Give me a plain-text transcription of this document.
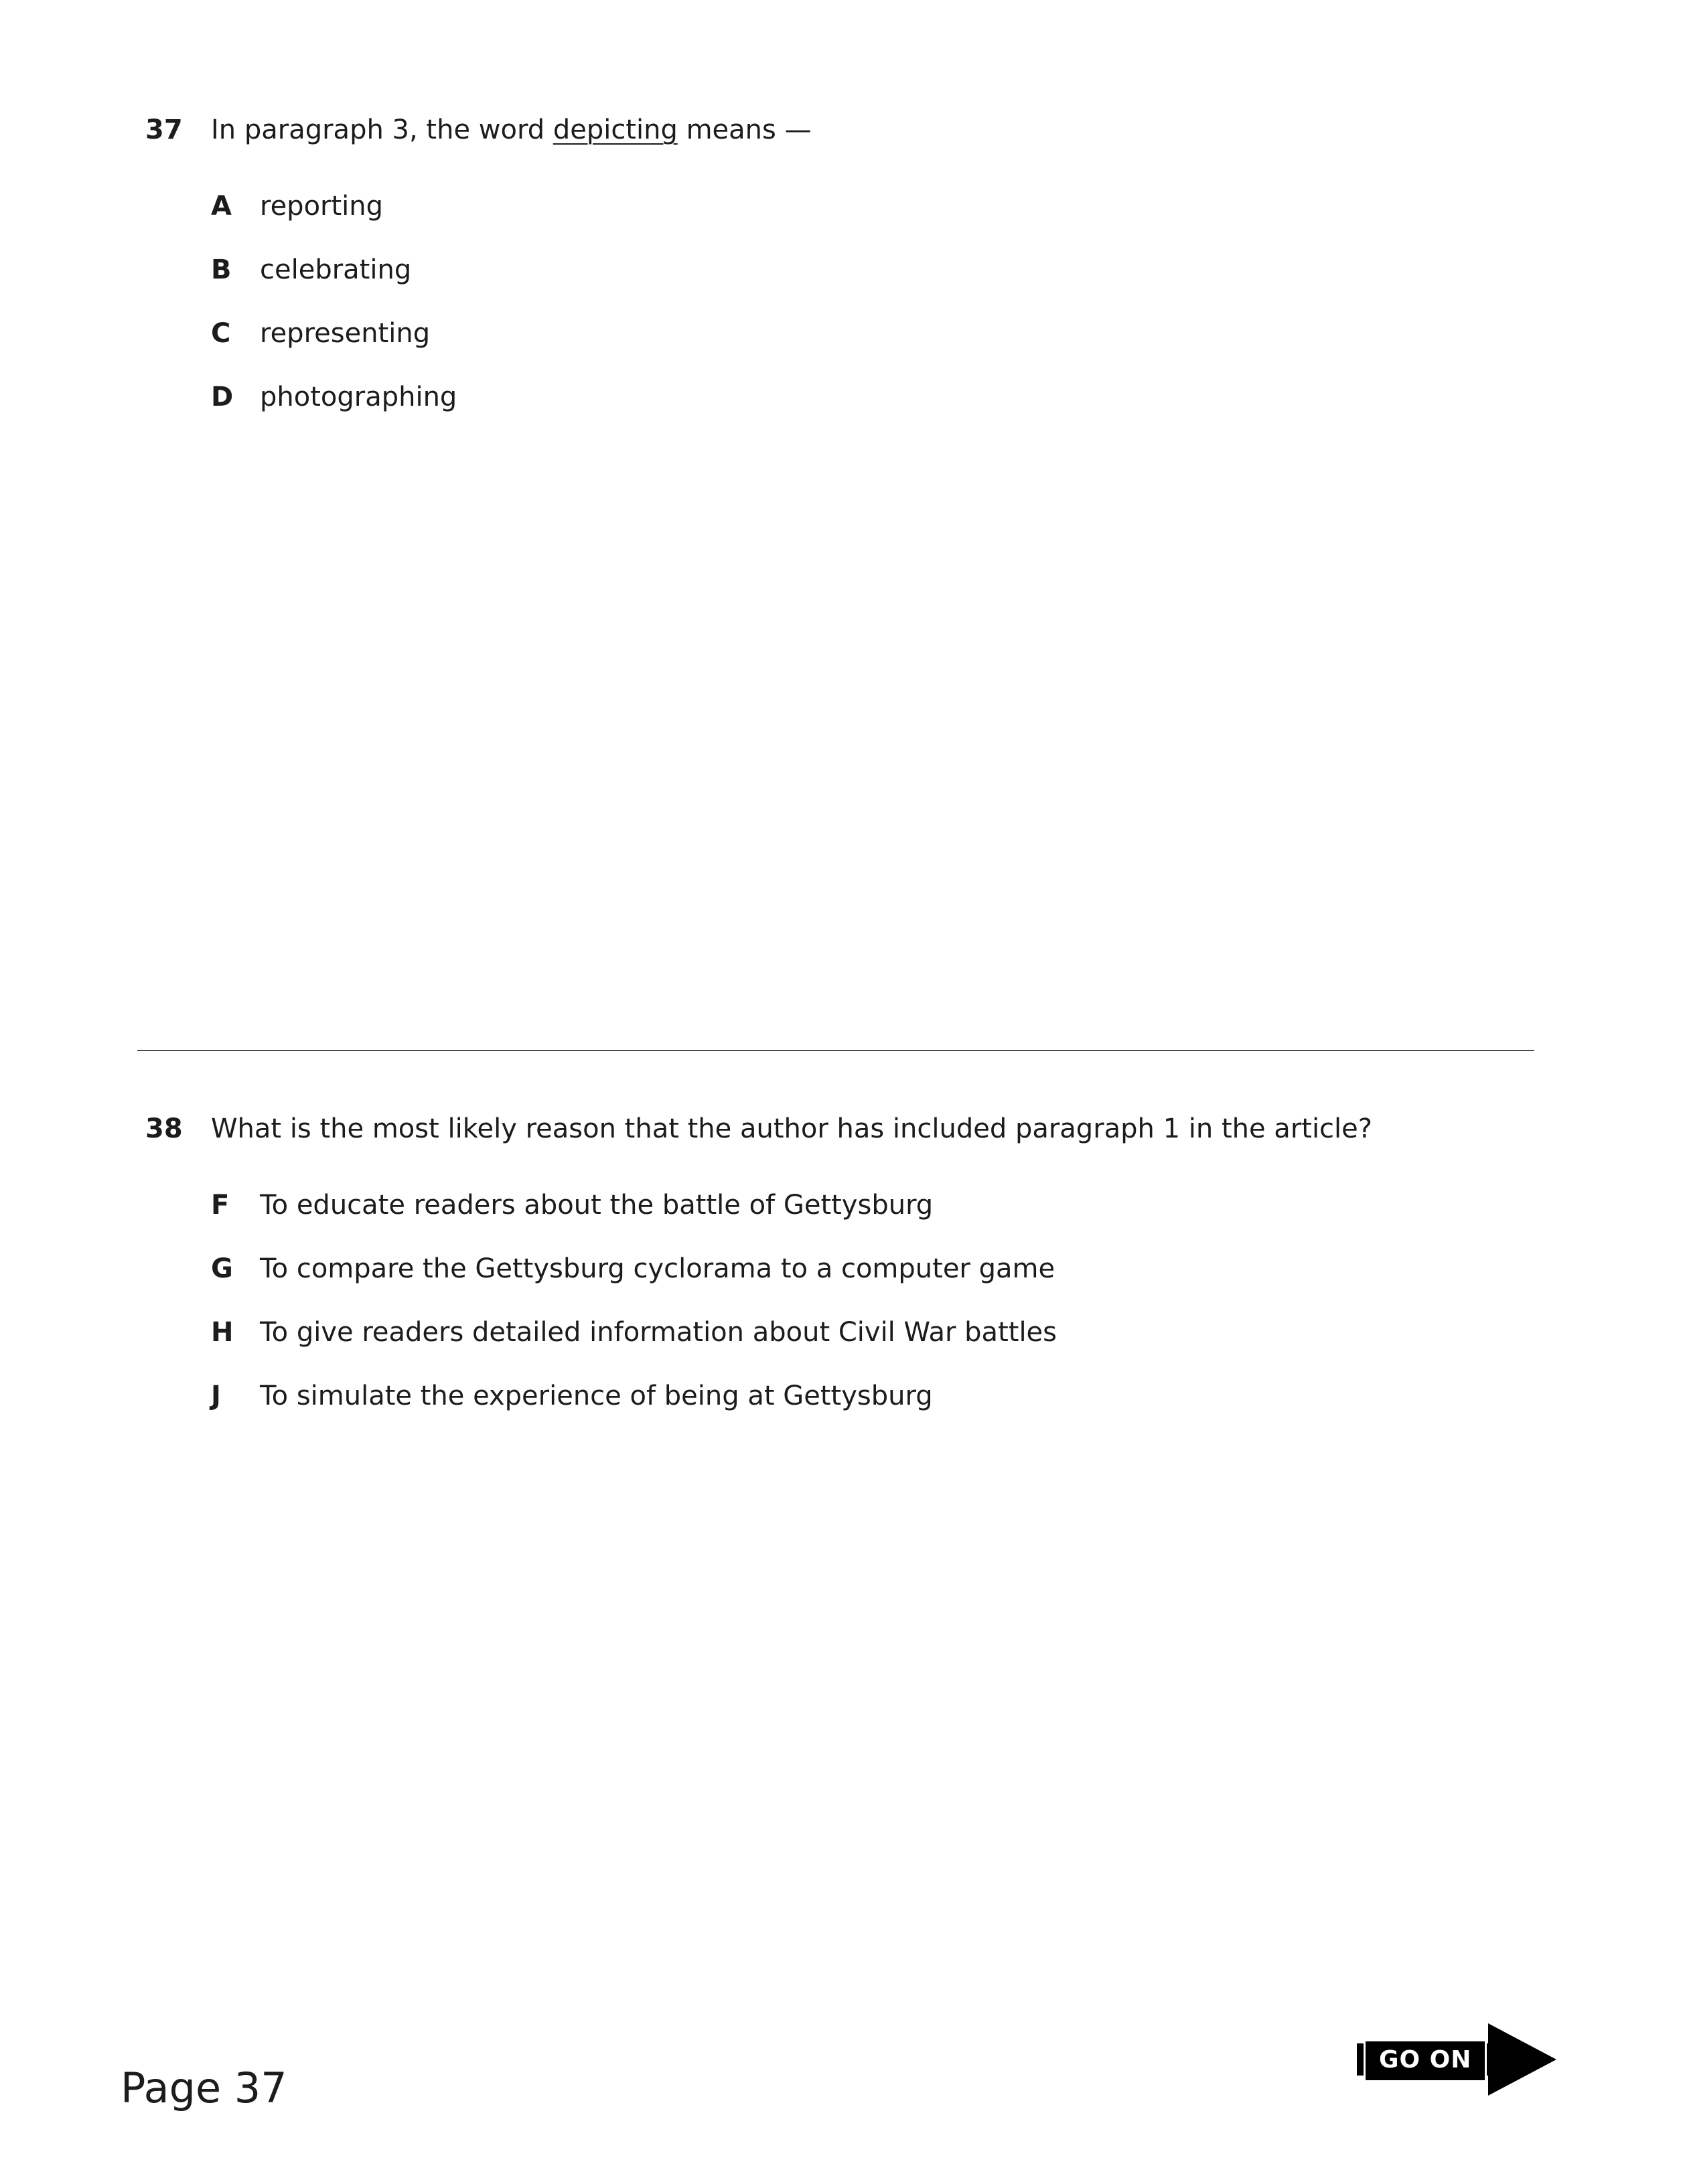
37	In paragraph 3, the word depicting means —

A	reporting
B	celebrating
C	representing
D photographing
38	What is the most likely reason that the author has included paragraph 1 in the article?

F	To educate readers about the battle of Gettysburg
G	To compare the Gettysburg cyclorama to a computer game
H To give readers detailed information about Civil War battles
J	To simulate the experience of being at Gettysburg
Page 37
GO ON
